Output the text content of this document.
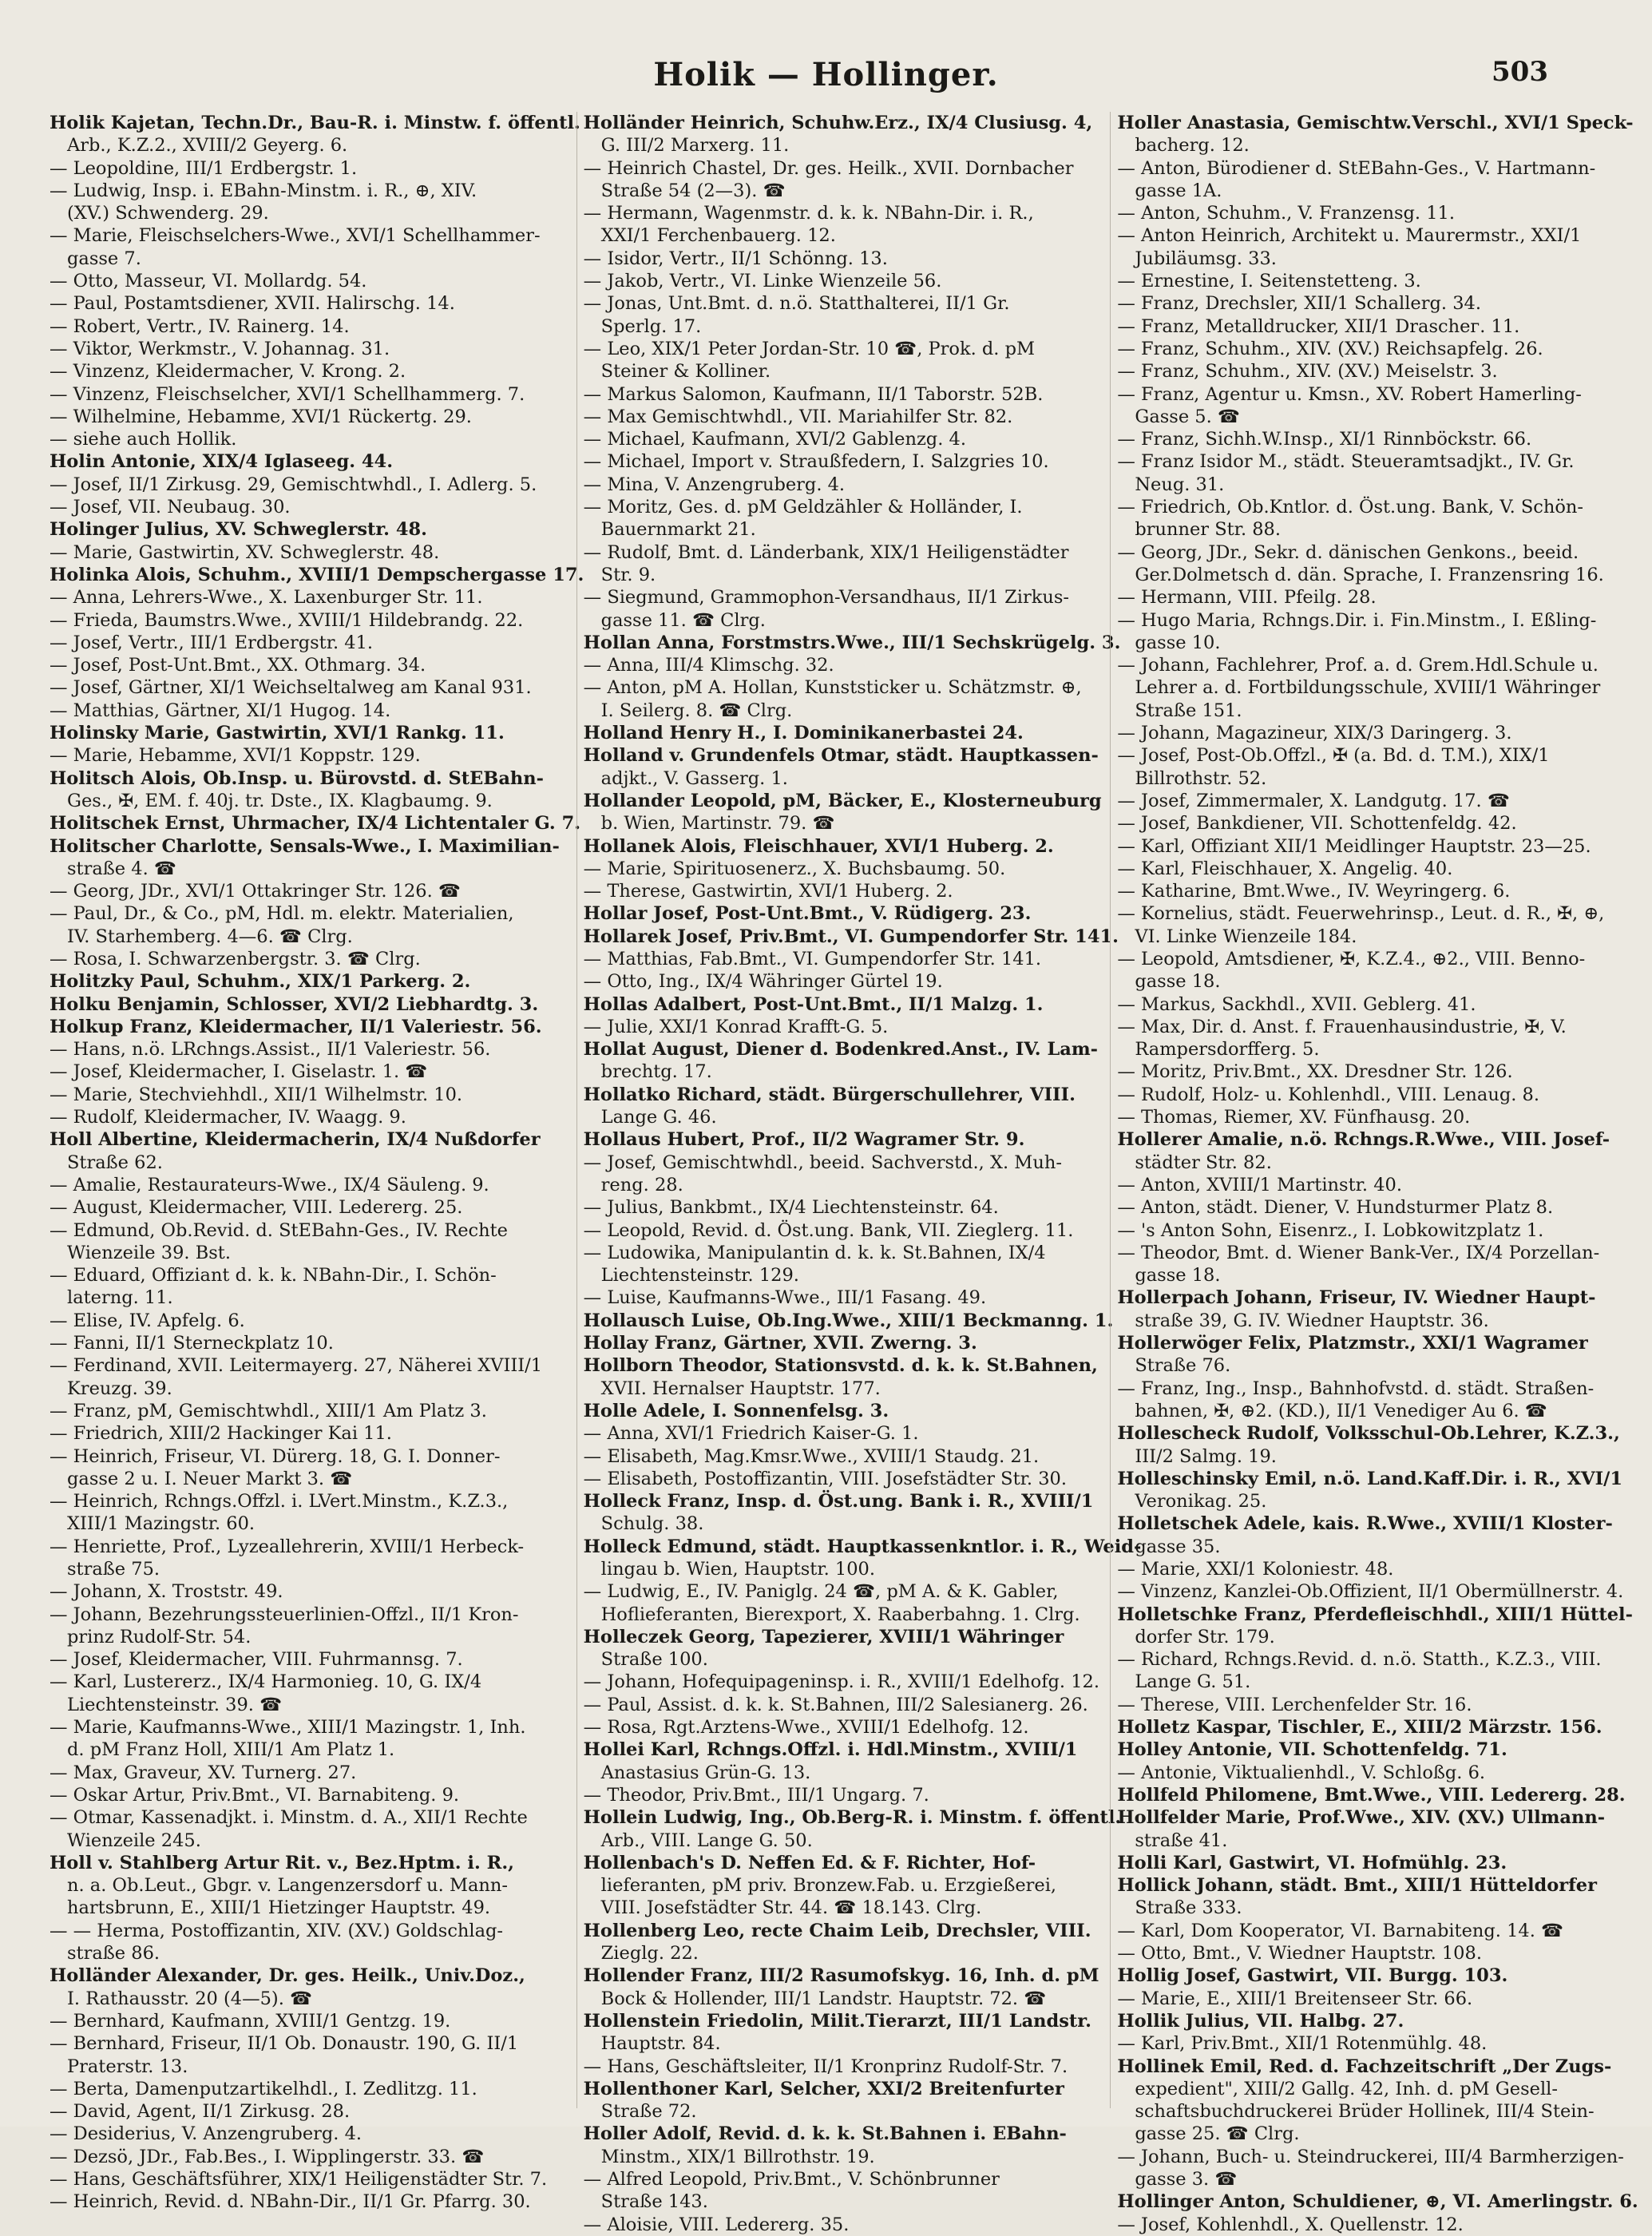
Holik — Hollinger.	503
Holik Kajetan, Techn.Dr., Bau-R. i. Minstw. f. öffentl.
Arb., K.Z.2., XVIII/2 Geyerg. 6.
— Leopoldine, III/1 Erdbergstr. 1.
— Ludwig, Insp. i. EBahn-Minstm. i. R., ⊕, XIV.
(XV.) Schwenderg. 29.
— Marie, Fleischselchers-Wwe., XVI/1 Schellhammer-
gasse 7.
— Otto, Masseur, VI. Mollardg. 54.
— Paul, Postamtsdiener, XVII. Halirschg. 14.
— Robert, Vertr., IV. Rainerg. 14.
— Viktor, Werkmstr., V. Johannag. 31.
— Vinzenz, Kleidermacher, V. Krong. 2.
— Vinzenz, Fleischselcher, XVI/1 Schellhammerg. 7.
— Wilhelmine, Hebamme, XVI/1 Rückertg. 29.
— siehe auch Hollik.
Holin Antonie, XIX/4 Iglaseeg. 44.
— Josef, II/1 Zirkusg. 29, Gemischtwhdl., I. Adlerg. 5.
— Josef, VII. Neubaug. 30.
Holinger Julius, XV. Schweglerstr. 48.
— Marie, Gastwirtin, XV. Schweglerstr. 48.
Holinka Alois, Schuhm., XVIII/1 Dempschergasse 17.
— Anna, Lehrers-Wwe., X. Laxenburger Str. 11.
— Frieda, Baumstrs.Wwe., XVIII/1 Hildebrandg. 22.
— Josef, Vertr., III/1 Erdbergstr. 41.
— Josef, Post-Unt.Bmt., XX. Othmarg. 34.
— Josef, Gärtner, XI/1 Weichseltalweg am Kanal 931.
— Matthias, Gärtner, XI/1 Hugog. 14.
Holinsky Marie, Gastwirtin, XVI/1 Rankg. 11.
— Marie, Hebamme, XVI/1 Koppstr. 129.
Holitsch Alois, Ob.Insp. u. Bürovstd. d. StEBahn-
Ges., ✠, EM. f. 40j. tr. Dste., IX. Klagbaumg. 9.
Holitschek Ernst, Uhrmacher, IX/4 Lichtentaler G. 7.
Holitscher Charlotte, Sensals-Wwe., I. Maximilian-
straße 4. ☎
— Georg, JDr., XVI/1 Ottakringer Str. 126. ☎
— Paul, Dr., & Co., pM, Hdl. m. elektr. Materialien,
IV. Starhemberg. 4—6. ☎ Clrg.
— Rosa, I. Schwarzenbergstr. 3. ☎ Clrg.
Holitzky Paul, Schuhm., XIX/1 Parkerg. 2.
Holku Benjamin, Schlosser, XVI/2 Liebhardtg. 3.
Holkup Franz, Kleidermacher, II/1 Valeriestr. 56.
— Hans, n.ö. LRchngs.Assist., II/1 Valeriestr. 56.
— Josef, Kleidermacher, I. Giselastr. 1. ☎
— Marie, Stechviehhdl., XII/1 Wilhelmstr. 10.
— Rudolf, Kleidermacher, IV. Waagg. 9.
Holl Albertine, Kleidermacherin, IX/4 Nußdorfer
Straße 62.
— Amalie, Restaurateurs-Wwe., IX/4 Säuleng. 9.
— August, Kleidermacher, VIII. Ledererg. 25.
— Edmund, Ob.Revid. d. StEBahn-Ges., IV. Rechte
Wienzeile 39. Bst.
— Eduard, Offiziant d. k. k. NBahn-Dir., I. Schön-
laterng. 11.
— Elise, IV. Apfelg. 6.
— Fanni, II/1 Sterneckplatz 10.
— Ferdinand, XVII. Leitermayerg. 27, Näherei XVIII/1
Kreuzg. 39.
— Franz, pM, Gemischtwhdl., XIII/1 Am Platz 3.
— Friedrich, XIII/2 Hackinger Kai 11.
— Heinrich, Friseur, VI. Dürerg. 18, G. I. Donner-
gasse 2 u. I. Neuer Markt 3. ☎
— Heinrich, Rchngs.Offzl. i. LVert.Minstm., K.Z.3.,
XIII/1 Mazingstr. 60.
— Henriette, Prof., Lyzeallehrerin, XVIII/1 Herbeck-
straße 75.
— Johann, X. Troststr. 49.
— Johann, Bezehrungssteuerlinien-Offzl., II/1 Kron-
prinz Rudolf-Str. 54.
— Josef, Kleidermacher, VIII. Fuhrmannsg. 7.
— Karl, Lustererz., IX/4 Harmonieg. 10, G. IX/4
Liechtensteinstr. 39. ☎
— Marie, Kaufmanns-Wwe., XIII/1 Mazingstr. 1, Inh.
d. pM Franz Holl, XIII/1 Am Platz 1.
— Max, Graveur, XV. Turnerg. 27.
— Oskar Artur, Priv.Bmt., VI. Barnabiteng. 9.
— Otmar, Kassenadjkt. i. Minstm. d. A., XII/1 Rechte
Wienzeile 245.
Holl v. Stahlberg Artur Rit. v., Bez.Hptm. i. R.,
n. a. Ob.Leut., Gbgr. v. Langenzersdorf u. Mann-
hartsbrunn, E., XIII/1 Hietzinger Hauptstr. 49.
— — Herma, Postoffizantin, XIV. (XV.) Goldschlag-
straße 86.
Holländer Alexander, Dr. ges. Heilk., Univ.Doz.,
I. Rathausstr. 20 (4—5). ☎
— Bernhard, Kaufmann, XVIII/1 Gentzg. 19.
— Bernhard, Friseur, II/1 Ob. Donaustr. 190, G. II/1
Praterstr. 13.
— Berta, Damenputzartikelhdl., I. Zedlitzg. 11.
— David, Agent, II/1 Zirkusg. 28.
— Desiderius, V. Anzengruberg. 4.
— Dezsö, JDr., Fab.Bes., I. Wipplingerstr. 33. ☎
— Hans, Geschäftsführer, XIX/1 Heiligenstädter Str. 7.
— Heinrich, Revid. d. NBahn-Dir., II/1 Gr. Pfarrg. 30.
Holländer Heinrich, Schuhw.Erz., IX/4 Clusiusg. 4,
G. III/2 Marxerg. 11.
— Heinrich Chastel, Dr. ges. Heilk., XVII. Dornbacher
Straße 54 (2—3). ☎
— Hermann, Wagenmstr. d. k. k. NBahn-Dir. i. R.,
XXI/1 Ferchenbauerg. 12.
— Isidor, Vertr., II/1 Schönng. 13.
— Jakob, Vertr., VI. Linke Wienzeile 56.
— Jonas, Unt.Bmt. d. n.ö. Statthalterei, II/1 Gr.
Sperlg. 17.
— Leo, XIX/1 Peter Jordan-Str. 10 ☎, Prok. d. pM
Steiner & Kolliner.
— Markus Salomon, Kaufmann, II/1 Taborstr. 52B.
— Max Gemischtwhdl., VII. Mariahilfer Str. 82.
— Michael, Kaufmann, XVI/2 Gablenzg. 4.
— Michael, Import v. Straußfedern, I. Salzgries 10.
— Mina, V. Anzengruberg. 4.
— Moritz, Ges. d. pM Geldzähler & Holländer, I.
Bauernmarkt 21.
— Rudolf, Bmt. d. Länderbank, XIX/1 Heiligenstädter
Str. 9.
— Siegmund, Grammophon-Versandhaus, II/1 Zirkus-
gasse 11. ☎ Clrg.
Hollan Anna, Forstmstrs.Wwe., III/1 Sechskrügelg. 3.
— Anna, III/4 Klimschg. 32.
— Anton, pM A. Hollan, Kunststicker u. Schätzmstr. ⊕,
I. Seilerg. 8. ☎ Clrg.
Holland Henry H., I. Dominikanerbastei 24.
Holland v. Grundenfels Otmar, städt. Hauptkassen-
adjkt., V. Gasserg. 1.
Hollander Leopold, pM, Bäcker, E., Klosterneuburg
b. Wien, Martinstr. 79. ☎
Hollanek Alois, Fleischhauer, XVI/1 Huberg. 2.
— Marie, Spirituosenerz., X. Buchsbaumg. 50.
— Therese, Gastwirtin, XVI/1 Huberg. 2.
Hollar Josef, Post-Unt.Bmt., V. Rüdigerg. 23.
Hollarek Josef, Priv.Bmt., VI. Gumpendorfer Str. 141.
— Matthias, Fab.Bmt., VI. Gumpendorfer Str. 141.
— Otto, Ing., IX/4 Währinger Gürtel 19.
Hollas Adalbert, Post-Unt.Bmt., II/1 Malzg. 1.
— Julie, XXI/1 Konrad Krafft-G. 5.
Hollat August, Diener d. Bodenkred.Anst., IV. Lam-
brechtg. 17.
Hollatko Richard, städt. Bürgerschullehrer, VIII.
Lange G. 46.
Hollaus Hubert, Prof., II/2 Wagramer Str. 9.
— Josef, Gemischtwhdl., beeid. Sachverstd., X. Muh-
reng. 28.
— Julius, Bankbmt., IX/4 Liechtensteinstr. 64.
— Leopold, Revid. d. Öst.ung. Bank, VII. Zieglerg. 11.
— Ludowika, Manipulantin d. k. k. St.Bahnen, IX/4
Liechtensteinstr. 129.
— Luise, Kaufmanns-Wwe., III/1 Fasang. 49.
Hollausch Luise, Ob.Ing.Wwe., XIII/1 Beckmanng. 1.
Hollay Franz, Gärtner, XVII. Zwerng. 3.
Hollborn Theodor, Stationsvstd. d. k. k. St.Bahnen,
XVII. Hernalser Hauptstr. 177.
Holle Adele, I. Sonnenfelsg. 3.
— Anna, XVI/1 Friedrich Kaiser-G. 1.
— Elisabeth, Mag.Kmsr.Wwe., XVIII/1 Staudg. 21.
— Elisabeth, Postoffizantin, VIII. Josefstädter Str. 30.
Holleck Franz, Insp. d. Öst.ung. Bank i. R., XVIII/1
Schulg. 38.
Holleck Edmund, städt. Hauptkassenkntlor. i. R., Weid-
lingau b. Wien, Hauptstr. 100.
— Ludwig, E., IV. Paniglg. 24 ☎, pM A. & K. Gabler,
Hoflieferanten, Bierexport, X. Raaberbahng. 1. Clrg.
Holleczek Georg, Tapezierer, XVIII/1 Währinger
Straße 100.
— Johann, Hofequipageninsp. i. R., XVIII/1 Edelhofg. 12.
— Paul, Assist. d. k. k. St.Bahnen, III/2 Salesianerg. 26.
— Rosa, Rgt.Arztens-Wwe., XVIII/1 Edelhofg. 12.
Hollei Karl, Rchngs.Offzl. i. Hdl.Minstm., XVIII/1
Anastasius Grün-G. 13.
— Theodor, Priv.Bmt., III/1 Ungarg. 7.
Hollein Ludwig, Ing., Ob.Berg-R. i. Minstm. f. öffentl.
Arb., VIII. Lange G. 50.
Hollenbach's D. Neffen Ed. & F. Richter, Hof-
lieferanten, pM priv. Bronzew.Fab. u. Erzgießerei,
VIII. Josefstädter Str. 44. ☎ 18.143. Clrg.
Hollenberg Leo, recte Chaim Leib, Drechsler, VIII.
Zieglg. 22.
Hollender Franz, III/2 Rasumofskyg. 16, Inh. d. pM
Bock & Hollender, III/1 Landstr. Hauptstr. 72. ☎
Hollenstein Friedolin, Milit.Tierarzt, III/1 Landstr.
Hauptstr. 84.
— Hans, Geschäftsleiter, II/1 Kronprinz Rudolf-Str. 7.
Hollenthoner Karl, Selcher, XXI/2 Breitenfurter
Straße 72.
Holler Adolf, Revid. d. k. k. St.Bahnen i. EBahn-
Minstm., XIX/1 Billrothstr. 19.
— Alfred Leopold, Priv.Bmt., V. Schönbrunner
Straße 143.
— Aloisie, VIII. Ledererg. 35.
Holler Anastasia, Gemischtw.Verschl., XVI/1 Speck-
bacherg. 12.
— Anton, Bürodiener d. StEBahn-Ges., V. Hartmann-
gasse 1A.
— Anton, Schuhm., V. Franzensg. 11.
— Anton Heinrich, Architekt u. Maurermstr., XXI/1
Jubiläumsg. 33.
— Ernestine, I. Seitenstetteng. 3.
— Franz, Drechsler, XII/1 Schallerg. 34.
— Franz, Metalldrucker, XII/1 Draschег. 11.
— Franz, Schuhm., XIV. (XV.) Reichsapfelg. 26.
— Franz, Schuhm., XIV. (XV.) Meiselstr. 3.
— Franz, Agentur u. Kmsn., XV. Robert Hamerling-
Gasse 5. ☎
— Franz, Sichh.W.Insp., XI/1 Rinnböckstr. 66.
— Franz Isidor M., städt. Steueramtsadjkt., IV. Gr.
Neug. 31.
— Friedrich, Ob.Kntlor. d. Öst.ung. Bank, V. Schön-
brunner Str. 88.
— Georg, JDr., Sekr. d. dänischen Genkons., beeid.
Ger.Dolmetsch d. dän. Sprache, I. Franzensring 16.
— Hermann, VIII. Pfeilg. 28.
— Hugo Maria, Rchngs.Dir. i. Fin.Minstm., I. Eßling-
gasse 10.
— Johann, Fachlehrer, Prof. a. d. Grem.Hdl.Schule u.
Lehrer a. d. Fortbildungsschule, XVIII/1 Währinger
Straße 151.
— Johann, Magazineur, XIX/3 Daringerg. 3.
— Josef, Post-Ob.Offzl., ✠ (a. Bd. d. T.M.), XIX/1
Billrothstr. 52.
— Josef, Zimmermaler, X. Landgutg. 17. ☎
— Josef, Bankdiener, VII. Schottenfeldg. 42.
— Karl, Offiziant XII/1 Meidlinger Hauptstr. 23—25.
— Karl, Fleischhauer, X. Angelig. 40.
— Katharine, Bmt.Wwe., IV. Weyringerg. 6.
— Kornelius, städt. Feuerwehrinsp., Leut. d. R., ✠, ⊕,
VI. Linke Wienzeile 184.
— Leopold, Amtsdiener, ✠, K.Z.4., ⊕2., VIII. Benno-
gasse 18.
— Markus, Sackhdl., XVII. Geblerg. 41.
— Max, Dir. d. Anst. f. Frauenhausindustrie, ✠, V.
Rampersdorfferg. 5.
— Moritz, Priv.Bmt., XX. Dresdner Str. 126.
— Rudolf, Holz- u. Kohlenhdl., VIII. Lenaug. 8.
— Thomas, Riemer, XV. Fünfhausg. 20.
Hollerer Amalie, n.ö. Rchngs.R.Wwe., VIII. Josef-
städter Str. 82.
— Anton, XVIII/1 Martinstr. 40.
— Anton, städt. Diener, V. Hundsturmer Platz 8.
— 's Anton Sohn, Eisenrz., I. Lobkowitzplatz 1.
— Theodor, Bmt. d. Wiener Bank-Ver., IX/4 Porzellan-
gasse 18.
Hollerpach Johann, Friseur, IV. Wiedner Haupt-
straße 39, G. IV. Wiedner Hauptstr. 36.
Hollerwöger Felix, Platzmstr., XXI/1 Wagramer
Straße 76.
— Franz, Ing., Insp., Bahnhofvstd. d. städt. Straßen-
bahnen, ✠, ⊕2. (KD.), II/1 Venediger Au 6. ☎
Hollescheck Rudolf, Volksschul-Ob.Lehrer, K.Z.3.,
III/2 Salmg. 19.
Holleschinsky Emil, n.ö. Land.Kaff.Dir. i. R., XVI/1
Veronikag. 25.
Holletschek Adele, kais. R.Wwe., XVIII/1 Kloster-
gasse 35.
— Marie, XXI/1 Koloniestr. 48.
— Vinzenz, Kanzlei-Ob.Offizient, II/1 Obermüllnerstr. 4.
Holletschke Franz, Pferdefleischhdl., XIII/1 Hüttel-
dorfer Str. 179.
— Richard, Rchngs.Revid. d. n.ö. Statth., K.Z.3., VIII.
Lange G. 51.
— Therese, VIII. Lerchenfelder Str. 16.
Holletz Kaspar, Tischler, E., XIII/2 Märzstr. 156.
Holley Antonie, VII. Schottenfeldg. 71.
— Antonie, Viktualienhdl., V. Schloßg. 6.
Hollfeld Philomene, Bmt.Wwe., VIII. Ledererg. 28.
Hollfelder Marie, Prof.Wwe., XIV. (XV.) Ullmann-
straße 41.
Holli Karl, Gastwirt, VI. Hofmühlg. 23.
Hollick Johann, städt. Bmt., XIII/1 Hütteldorfer
Straße 333.
— Karl, Dom Kooperator, VI. Barnabiteng. 14. ☎
— Otto, Bmt., V. Wiedner Hauptstr. 108.
Hollig Josef, Gastwirt, VII. Burgg. 103.
— Marie, E., XIII/1 Breitenseer Str. 66.
Hollik Julius, VII. Halbg. 27.
— Karl, Priv.Bmt., XII/1 Rotenmühlg. 48.
Hollinek Emil, Red. d. Fachzeitschrift „Der Zugs-
expedient", XIII/2 Gallg. 42, Inh. d. pM Gesell-
schaftsbuchdruckerei Brüder Hollinek, III/4 Stein-
gasse 25. ☎ Clrg.
— Johann, Buch- u. Steindruckerei, III/4 Barmherzigen-
gasse 3. ☎
Hollinger Anton, Schuldiener, ⊕, VI. Amerlingstr. 6.
— Josef, Kohlenhdl., X. Quellenstr. 12.
